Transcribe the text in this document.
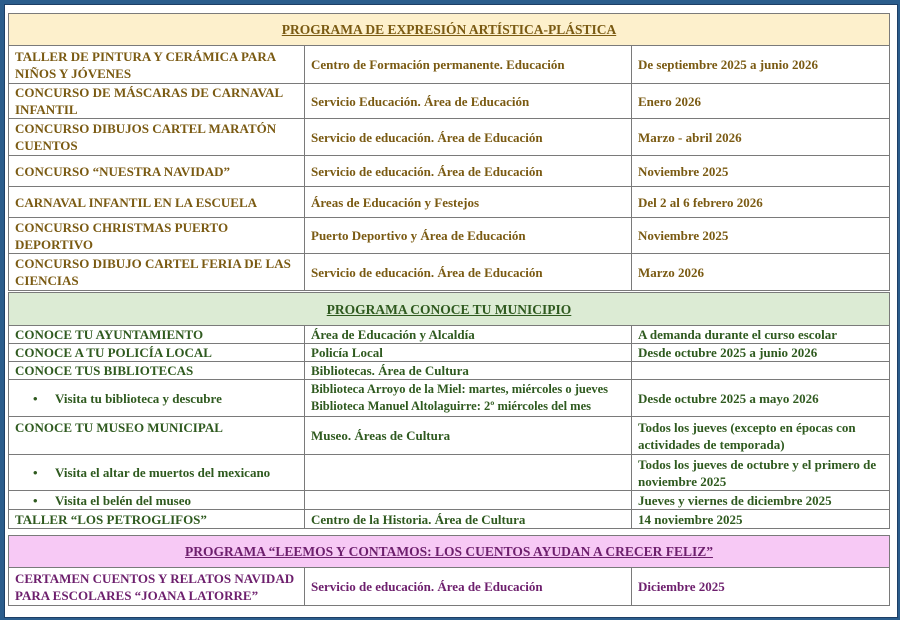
PROGRAMA DE EXPRESIÓN ARTÍSTICA-PLÁSTICA		
TALLER DE PINTURA Y CERÁMICA PARA NIÑOS Y JÓVENES	Centro de Formación permanente. Educación	De septiembre 2025 a junio 2026
CONCURSO DE MÁSCARAS DE CARNAVAL INFANTIL	Servicio Educación. Área de Educación	Enero 2026
CONCURSO DIBUJOS CARTEL MARATÓN CUENTOS	Servicio de educación. Área de Educación	Marzo - abril 2026
CONCURSO “NUESTRA NAVIDAD”	Servicio de educación. Área de Educación	Noviembre 2025
CARNAVAL INFANTIL EN LA ESCUELA	Áreas de Educación y Festejos	Del 2 al 6 febrero 2026
CONCURSO CHRISTMAS PUERTO DEPORTIVO	Puerto Deportivo y Área de Educación	Noviembre 2025
CONCURSO DIBUJO CARTEL FERIA DE LAS CIENCIAS	Servicio de educación. Área de Educación	Marzo 2026
PROGRAMA CONOCE TU MUNICIPIO		
CONOCE TU AYUNTAMIENTO	Área de Educación y Alcaldía	A demanda durante el curso escolar
CONOCE A TU POLICÍA LOCAL	Policía Local	Desde octubre 2025 a junio 2026
CONOCE TUS BIBLIOTECAS	Bibliotecas. Área de Cultura	
• Visita tu biblioteca y descubre	Biblioteca Arroyo de la Miel: martes, miércoles o jueves Biblioteca Manuel Altolaguirre: 2º miércoles del mes	Desde octubre 2025 a mayo 2026
CONOCE TU MUSEO MUNICIPAL	Museo. Áreas de Cultura	Todos los jueves (excepto en épocas con actividades de temporada)
• Visita el altar de muertos del mexicano		Todos los jueves de octubre y el primero de noviembre 2025
• Visita el belén del museo		Jueves y viernes de diciembre 2025
TALLER “LOS PETROGLIFOS”	Centro de la Historia. Área de Cultura	14 noviembre 2025
PROGRAMA “LEEMOS Y CONTAMOS: LOS CUENTOS AYUDAN A CRECER FELIZ”
CERTAMEN CUENTOS Y RELATOS NAVIDAD PARA ESCOLARES “JOANA LATORRE”	Servicio de educación. Área de Educación	Diciembre 2025
